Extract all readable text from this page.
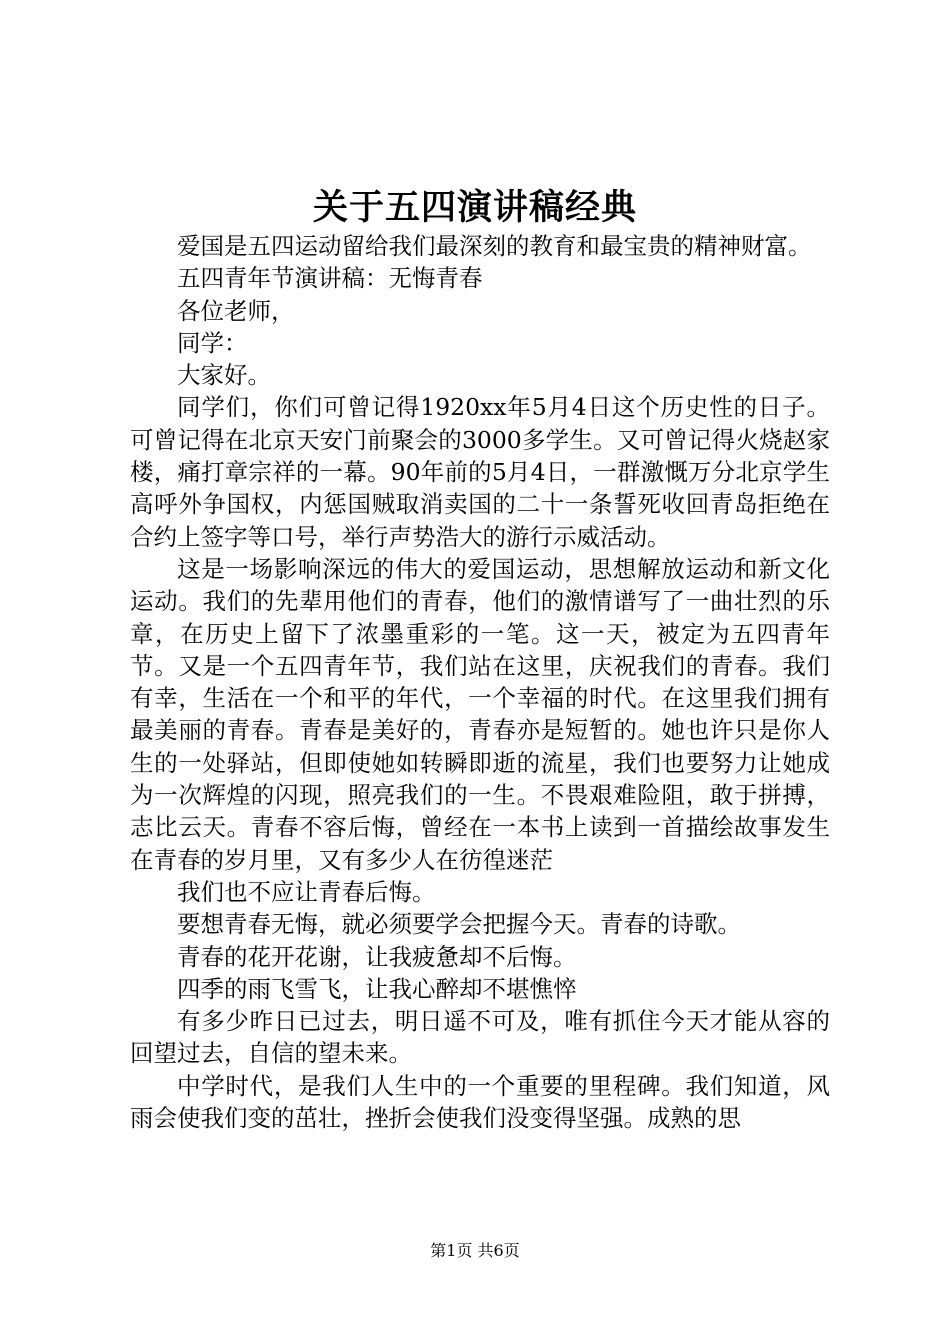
关于五四演讲稿经典

爱国是五四运动留给我们最深刻的教育和最宝贵的精神财富。

五四青年节演讲稿：无悔青春

各位老师，

同学：

大家好。

同学们，你们可曾记得1920xx年5月4日这个历史性的日子。可曾记得在北京天安门前聚会的3000多学生。又可曾记得火烧赵家楼，痛打章宗祥的一幕。90年前的5月4日，一群激慨万分北京学生高呼外争国权，内惩国贼取消卖国的二十一条誓死收回青岛拒绝在合约上签字等口号，举行声势浩大的游行示威活动。

这是一场影响深远的伟大的爱国运动，思想解放运动和新文化运动。我们的先辈用他们的青春，他们的激情谱写了一曲壮烈的乐章，在历史上留下了浓墨重彩的一笔。这一天，被定为五四青年节。又是一个五四青年节，我们站在这里，庆祝我们的青春。我们有幸，生活在一个和平的年代，一个幸福的时代。在这里我们拥有最美丽的青春。青春是美好的，青春亦是短暂的。她也许只是你人生的一处驿站，但即使她如转瞬即逝的流星，我们也要努力让她成为一次辉煌的闪现，照亮我们的一生。不畏艰难险阻，敢于拼搏，志比云天。青春不容后悔，曾经在一本书上读到一首描绘故事发生在青春的岁月里，又有多少人在彷徨迷茫

我们也不应让青春后悔。

要想青春无悔，就必须要学会把握今天。青春的诗歌。

青春的花开花谢，让我疲惫却不后悔。

四季的雨飞雪飞，让我心醉却不堪憔悴

有多少昨日已过去，明日遥不可及，唯有抓住今天才能从容的回望过去，自信的望未来。

中学时代，是我们人生中的一个重要的里程碑。我们知道，风雨会使我们变的茁壮，挫折会使我们没变得坚强。成熟的思

第1页 共6页
